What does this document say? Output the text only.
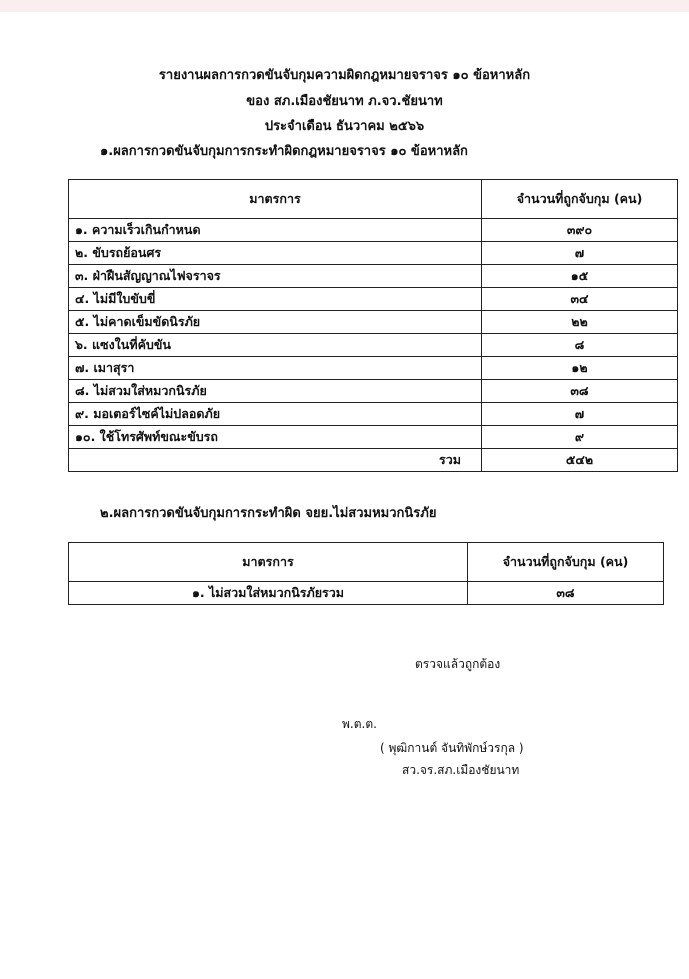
รายงานผลการกวดขันจับกุมความผิดกฎหมายจราจร ๑๐ ข้อหาหลัก
ของ สภ.เมืองชัยนาท ภ.จว.ชัยนาท
ประจำเดือน ธันวาคม ๒๕๖๖
๑.ผลการกวดขันจับกุมการกระทำผิดกฎหมายจราจร ๑๐ ข้อหาหลัก
มาตรการ	จำนวนที่ถูกจับกุม (คน)
๑. ความเร็วเกินกำหนด	๓๙๐
๒. ขับรถย้อนศร	๗
๓. ฝ่าฝืนสัญญาณไฟจราจร	๑๕
๔. ไม่มีใบขับขี่	๓๔
๕. ไม่คาดเข็มขัดนิรภัย	๒๒
๖. แซงในที่คับขัน	๘
๗. เมาสุรา	๑๒
๘. ไม่สวมใส่หมวกนิรภัย	๓๘
๙. มอเตอร์ไซค์ไม่ปลอดภัย	๗
๑๐. ใช้โทรศัพท์ขณะขับรถ	๙
รวม	๕๔๒
๒.ผลการกวดขันจับกุมการกระทำผิด จยย.ไม่สวมหมวกนิรภัย
มาตรการ	จำนวนที่ถูกจับกุม (คน)
๑. ไม่สวมใส่หมวกนิรภัยรวม	๓๘
ตรวจแล้วถูกต้อง
พ.ต.ต.
( พุฒิกานต์ จันทิพักษ์วรกุล )
สว.จร.สภ.เมืองชัยนาท
